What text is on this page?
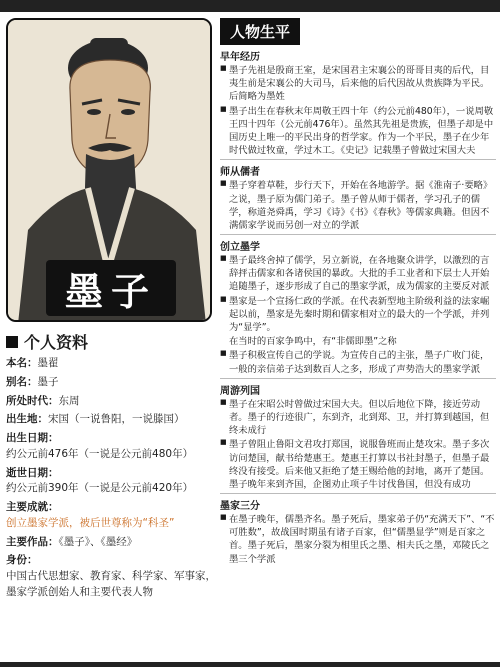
墨子
个人资料
本名：墨翟
别名：墨子
所处时代：东周
出生地：宋国（一说鲁阳，一说滕国）
出生日期：
约公元前476年（一说是公元前480年）
逝世日期：
约公元前390年（一说是公元前420年）
主要成就：
创立墨家学派，被后世尊称为“科圣”
主要作品：《墨子》、《墨经》
身份：
中国古代思想家、教育家、科学家、军事家，墨家学派创始人和主要代表人物
人物生平
早年经历
■ 墨子先祖是殷商王室，是宋国君主宋襄公的哥哥目夷的后代，目夷生前是宋襄公的大司马，后来他的后代因故从贵族降为平民。后简略为墨姓
■ 墨子出生在春秋末年周敬王四十年（约公元前480年），一说周敬王四十四年（公元前476年）。虽然其先祖是贵族，但墨子却是中国历史上唯一的平民出身的哲学家。作为一个平民，墨子在少年时代做过牧童，学过木工。《史记》记载墨子曾做过宋国大夫
师从儒者
■ 墨子穿着草鞋，步行天下，开始在各地游学。据《淮南子·要略》之说，墨子原为儒门弟子。墨子曾从师于儒者，学习孔子的儒学，称道尧舜禹，学习《诗》《书》《春秋》等儒家典籍。但因不满儒家学说而另创一对立的学派
创立墨学
■ 墨子最终舍掉了儒学，另立新说，在各地聚众讲学，以激烈的言辞抨击儒家和各诸侯国的暴政。大批的手工业者和下层士人开始追随墨子，逐步形成了自己的墨家学派，成为儒家的主要反对派
■ 墨家是一个宣扬仁政的学派。在代表新型地主阶级利益的法家崛起以前，墨家是先秦时期和儒家相对立的最大的一个学派，并列为“显学”。
在当时的百家争鸣中，有“非儒即墨”之称
■ 墨子积极宣传自己的学说。为宣传自己的主张，墨子广收门徒，一般的亲信弟子达到数百人之多，形成了声势浩大的墨家学派
周游列国
■ 墨子在宋昭公时曾做过宋国大夫。但以后地位下降，接近劳动者。墨子的行迹很广，东到齐，北到郑、卫，并打算到越国，但终未成行
■ 墨子曾阻止鲁阳文君攻打郑国，说服鲁班而止楚攻宋。墨子多次访问楚国，献书给楚惠王。楚惠王打算以书社封墨子，但墨子最终没有接受。后来他又拒绝了楚王赐给他的封地，离开了楚国。墨子晚年来到齐国，企图劝止项子牛讨伐鲁国，但没有成功
墨家三分
■ 在墨子晚年，儒墨齐名。墨子死后，墨家弟子仍“充满天下”、“不可胜数”，故战国时期虽有诸子百家，但“儒墨显学”则是百家之首。墨子死后，墨家分裂为相里氏之墨、相夫氏之墨，邓陵氏之墨三个学派
